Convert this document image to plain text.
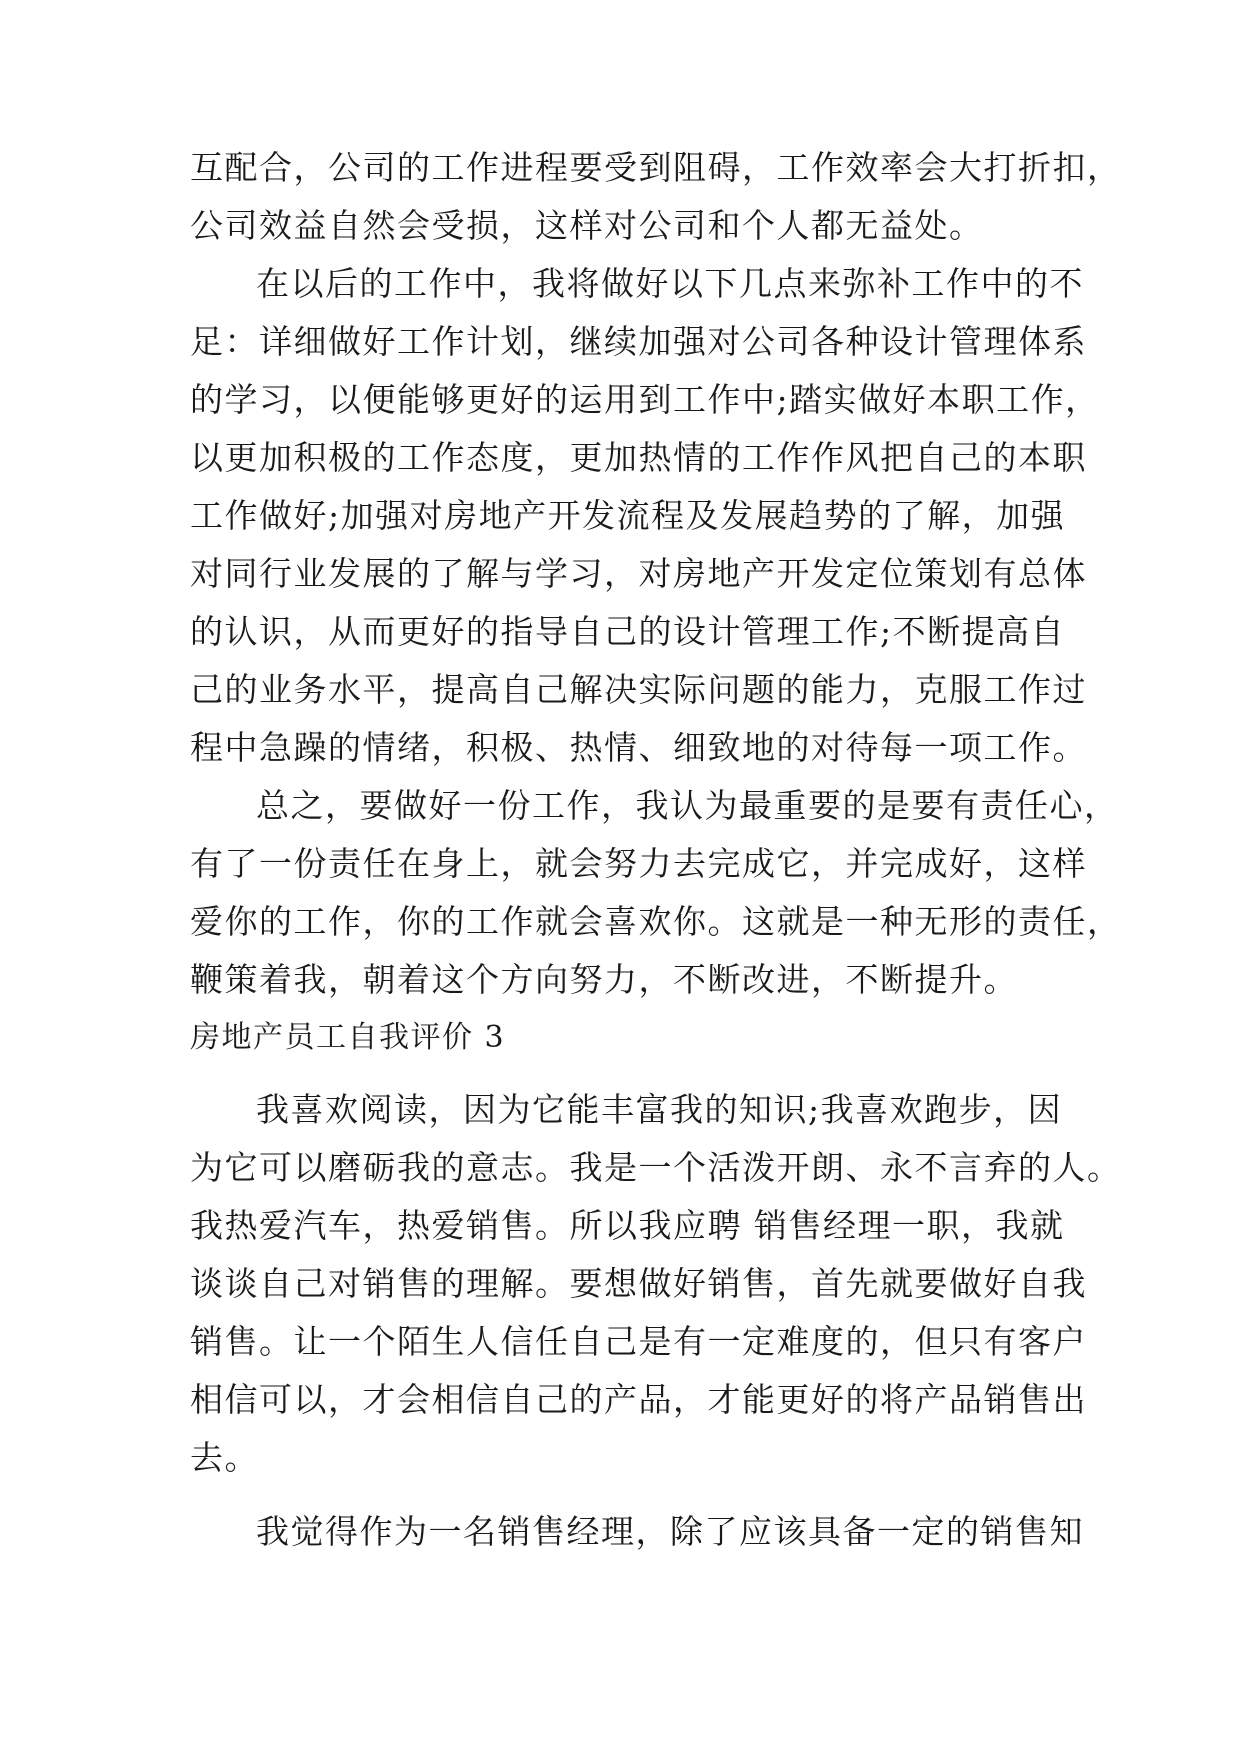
互配合，公司的工作进程要受到阻碍，工作效率会大打折扣，
公司效益自然会受损，这样对公司和个人都无益处。
在以后的工作中，我将做好以下几点来弥补工作中的不
足：详细做好工作计划，继续加强对公司各种设计管理体系
的学习，以便能够更好的运用到工作中;踏实做好本职工作，
以更加积极的工作态度，更加热情的工作作风把自己的本职
工作做好;加强对房地产开发流程及发展趋势的了解，加强
对同行业发展的了解与学习，对房地产开发定位策划有总体
的认识，从而更好的指导自己的设计管理工作;不断提高自
己的业务水平，提高自己解决实际问题的能力，克服工作过
程中急躁的情绪，积极、热情、细致地的对待每一项工作。
总之，要做好一份工作，我认为最重要的是要有责任心，
有了一份责任在身上，就会努力去完成它，并完成好，这样
爱你的工作，你的工作就会喜欢你。这就是一种无形的责任，
鞭策着我，朝着这个方向努力，不断改进，不断提升。
房地产员工自我评价 3
我喜欢阅读，因为它能丰富我的知识;我喜欢跑步，因
为它可以磨砺我的意志。我是一个活泼开朗、永不言弃的人。
我热爱汽车，热爱销售。所以我应聘 销售经理一职，我就
谈谈自己对销售的理解。要想做好销售，首先就要做好自我
销售。让一个陌生人信任自己是有一定难度的，但只有客户
相信可以，才会相信自己的产品，才能更好的将产品销售出
去。
我觉得作为一名销售经理，除了应该具备一定的销售知
